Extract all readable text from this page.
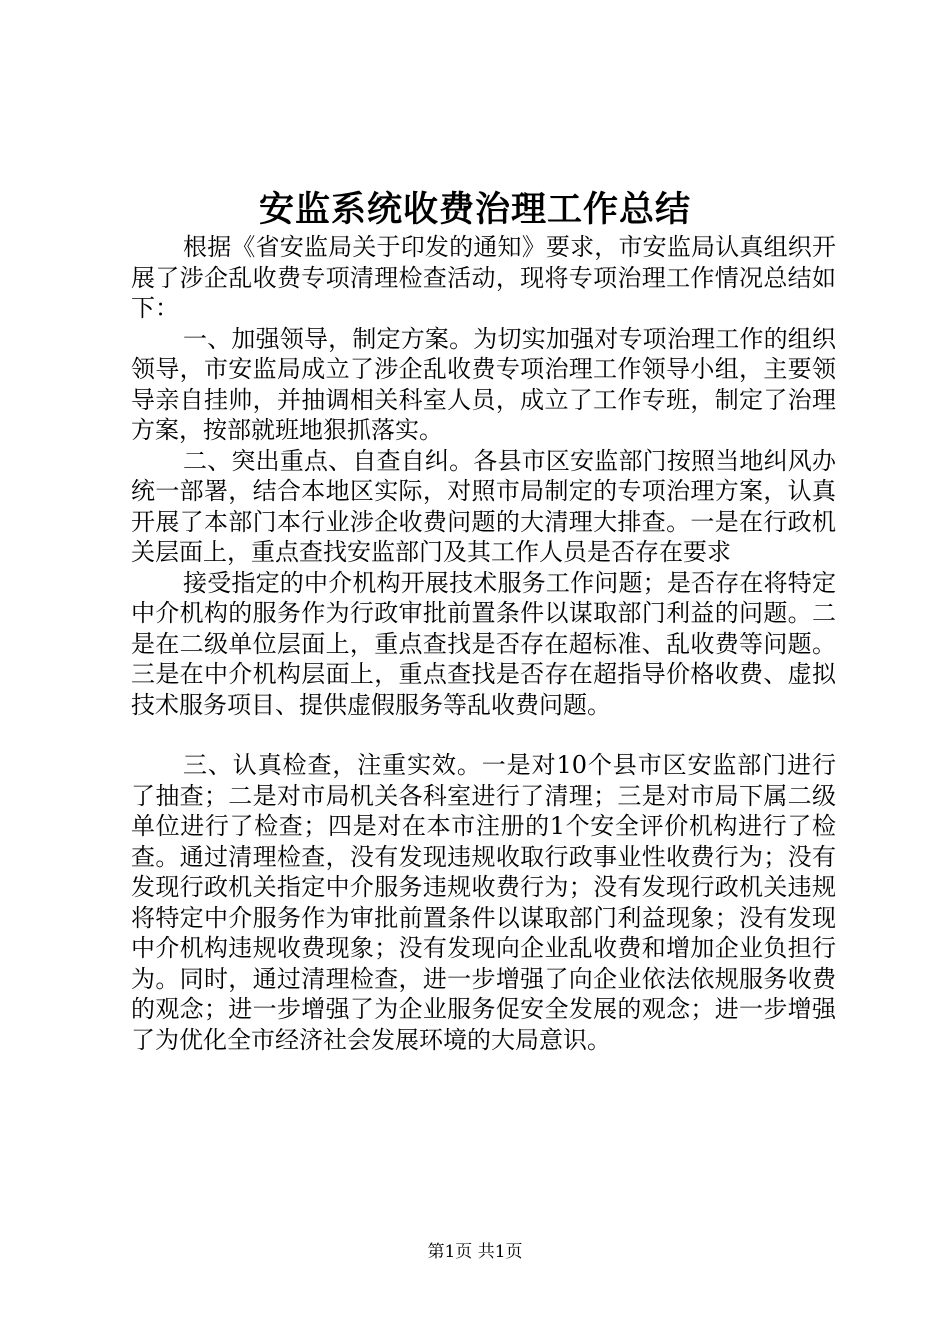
安监系统收费治理工作总结

根据《省安监局关于印发的通知》要求，市安监局认真组织开展了涉企乱收费专项清理检查活动，现将专项治理工作情况总结如下：

一、加强领导，制定方案。为切实加强对专项治理工作的组织领导，市安监局成立了涉企乱收费专项治理工作领导小组，主要领导亲自挂帅，并抽调相关科室人员，成立了工作专班，制定了治理方案，按部就班地狠抓落实。

二、突出重点、自查自纠。各县市区安监部门按照当地纠风办统一部署，结合本地区实际，对照市局制定的专项治理方案，认真开展了本部门本行业涉企收费问题的大清理大排查。一是在行政机关层面上，重点查找安监部门及其工作人员是否存在要求

接受指定的中介机构开展技术服务工作问题；是否存在将特定中介机构的服务作为行政审批前置条件以谋取部门利益的问题。二是在二级单位层面上，重点查找是否存在超标准、乱收费等问题。三是在中介机构层面上，重点查找是否存在超指导价格收费、虚拟技术服务项目、提供虚假服务等乱收费问题。

三、认真检查，注重实效。一是对10个县市区安监部门进行了抽查；二是对市局机关各科室进行了清理；三是对市局下属二级单位进行了检查；四是对在本市注册的1个安全评价机构进行了检查。通过清理检查，没有发现违规收取行政事业性收费行为；没有发现行政机关指定中介服务违规收费行为；没有发现行政机关违规将特定中介服务作为审批前置条件以谋取部门利益现象；没有发现中介机构违规收费现象；没有发现向企业乱收费和增加企业负担行为。同时，通过清理检查，进一步增强了向企业依法依规服务收费的观念；进一步增强了为企业服务促安全发展的观念；进一步增强了为优化全市经济社会发展环境的大局意识。

第1页 共1页
